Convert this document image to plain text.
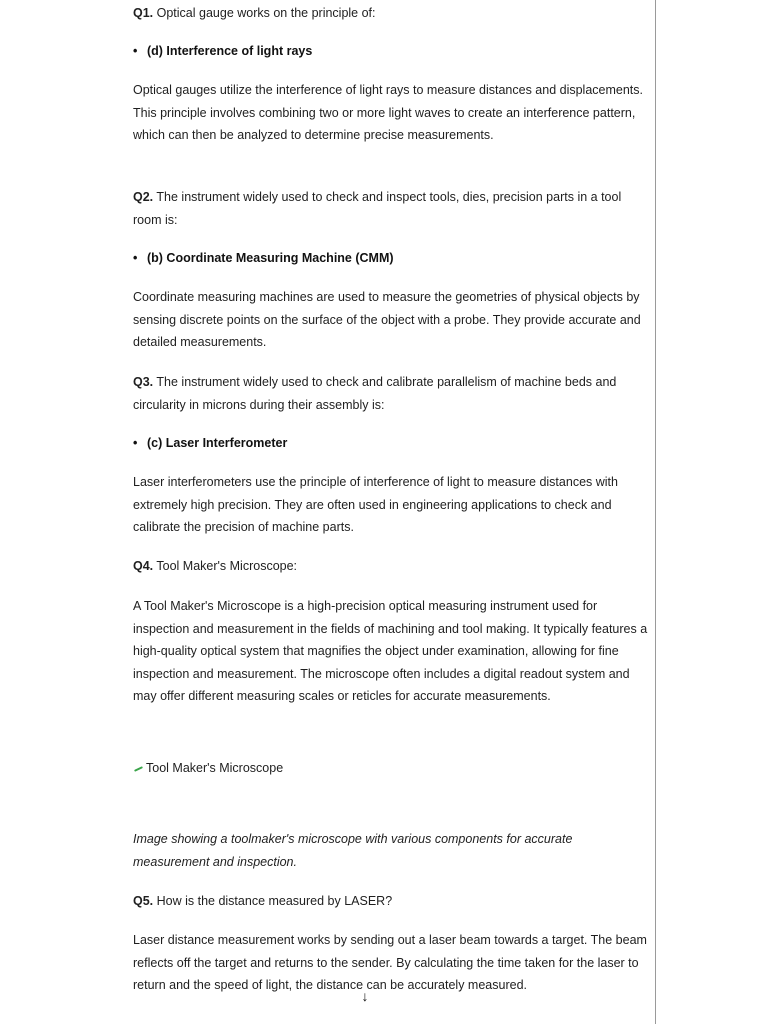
Q1. Optical gauge works on the principle of:

• (d) Interference of light rays

Optical gauges utilize the interference of light rays to measure distances and displacements. This principle involves combining two or more light waves to create an interference pattern, which can then be analyzed to determine precise measurements.

Q2. The instrument widely used to check and inspect tools, dies, precision parts in a tool room is:

• (b) Coordinate Measuring Machine (CMM)

Coordinate measuring machines are used to measure the geometries of physical objects by sensing discrete points on the surface of the object with a probe. They provide accurate and detailed measurements.

Q3. The instrument widely used to check and calibrate parallelism of machine beds and circularity in microns during their assembly is:

• (c) Laser Interferometer

Laser interferometers use the principle of interference of light to measure distances with extremely high precision. They are often used in engineering applications to check and calibrate the precision of machine parts.

Q4. Tool Maker's Microscope:

A Tool Maker's Microscope is a high-precision optical measuring instrument used for inspection and measurement in the fields of machining and tool making. It typically features a high-quality optical system that magnifies the object under examination, allowing for fine inspection and measurement. The microscope often includes a digital readout system and may offer different measuring scales or reticles for accurate measurements.

Tool Maker's Microscope

Image showing a toolmaker's microscope with various components for accurate measurement and inspection.

Q5. How is the distance measured by LASER?

Laser distance measurement works by sending out a laser beam towards a target. The beam reflects off the target and returns to the sender. By calculating the time taken for the laser to return and the speed of light, the distance can be accurately measured.

↓
